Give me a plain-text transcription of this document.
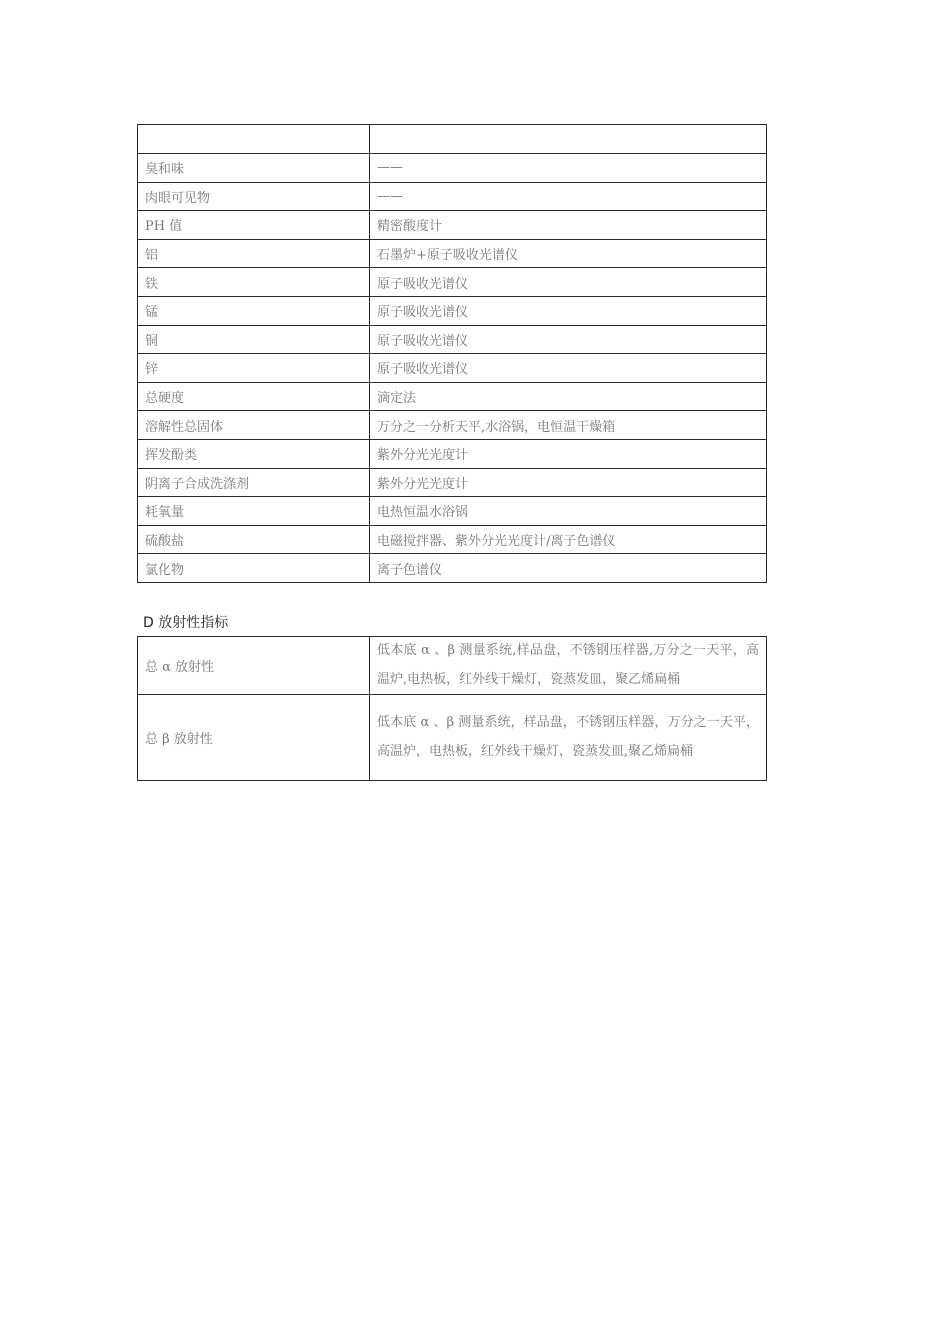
臭和味	——
肉眼可见物	——
PH 值	精密酸度计
铝	石墨炉+原子吸收光谱仪
铁	原子吸收光谱仪
锰	原子吸收光谱仪
铜	原子吸收光谱仪
锌	原子吸收光谱仪
总硬度	滴定法
溶解性总固体	万分之一分析天平,水浴锅，电恒温干燥箱
挥发酚类	紫外分光光度计
阴离子合成洗涤剂	紫外分光光度计
耗氧量	电热恒温水浴锅
硫酸盐	电磁搅拌器、紫外分光光度计/离子色谱仪
氯化物	离子色谱仪
D 放射性指标
总 α 放射性	低本底 α 、β 测量系统,样品盘，不锈钢压样器,万分之一天平，高温炉,电热板，红外线干燥灯，瓷蒸发皿，聚乙烯扁桶
总 β 放射性	低本底 α 、β 测量系统，样品盘，不锈钢压样器，万分之一天平，高温炉，电热板，红外线干燥灯，瓷蒸发皿,聚乙烯扁桶
